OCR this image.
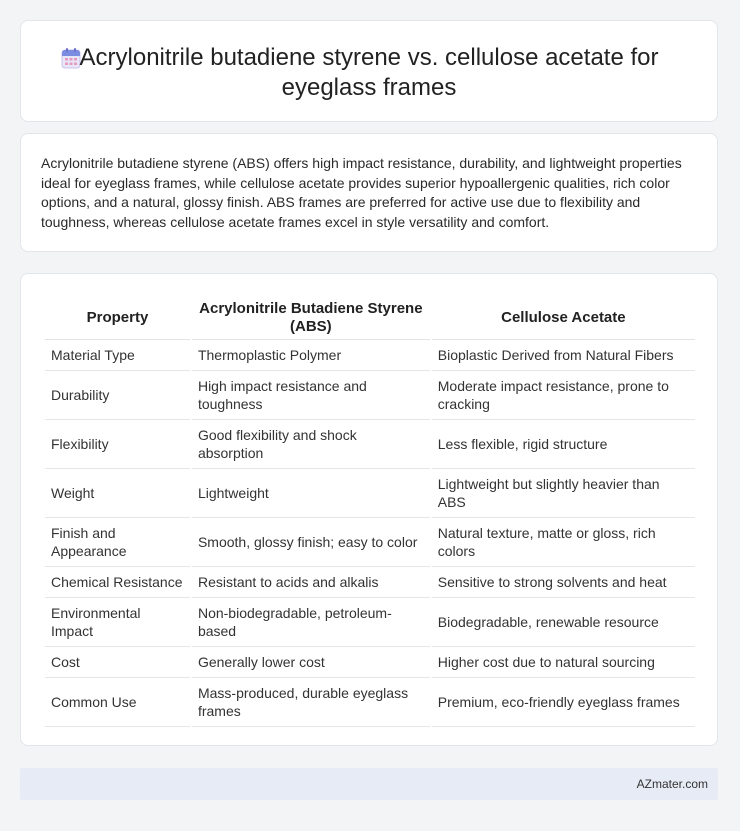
Acrylonitrile butadiene styrene vs. cellulose acetate for eyeglass frames

Acrylonitrile butadiene styrene (ABS) offers high impact resistance, durability, and lightweight properties ideal for eyeglass frames, while cellulose acetate provides superior hypoallergenic qualities, rich color options, and a natural, glossy finish. ABS frames are preferred for active use due to flexibility and toughness, whereas cellulose acetate frames excel in style versatility and comfort.

Property	Acrylonitrile Butadiene Styrene (ABS)	Cellulose Acetate
Material Type	Thermoplastic Polymer	Bioplastic Derived from Natural Fibers
Durability	High impact resistance and toughness	Moderate impact resistance, prone to cracking
Flexibility	Good flexibility and shock absorption	Less flexible, rigid structure
Weight	Lightweight	Lightweight but slightly heavier than ABS
Finish and Appearance	Smooth, glossy finish; easy to color	Natural texture, matte or gloss, rich colors
Chemical Resistance	Resistant to acids and alkalis	Sensitive to strong solvents and heat
Environmental Impact	Non-biodegradable, petroleum-based	Biodegradable, renewable resource
Cost	Generally lower cost	Higher cost due to natural sourcing
Common Use	Mass-produced, durable eyeglass frames	Premium, eco-friendly eyeglass frames
AZmater.com
